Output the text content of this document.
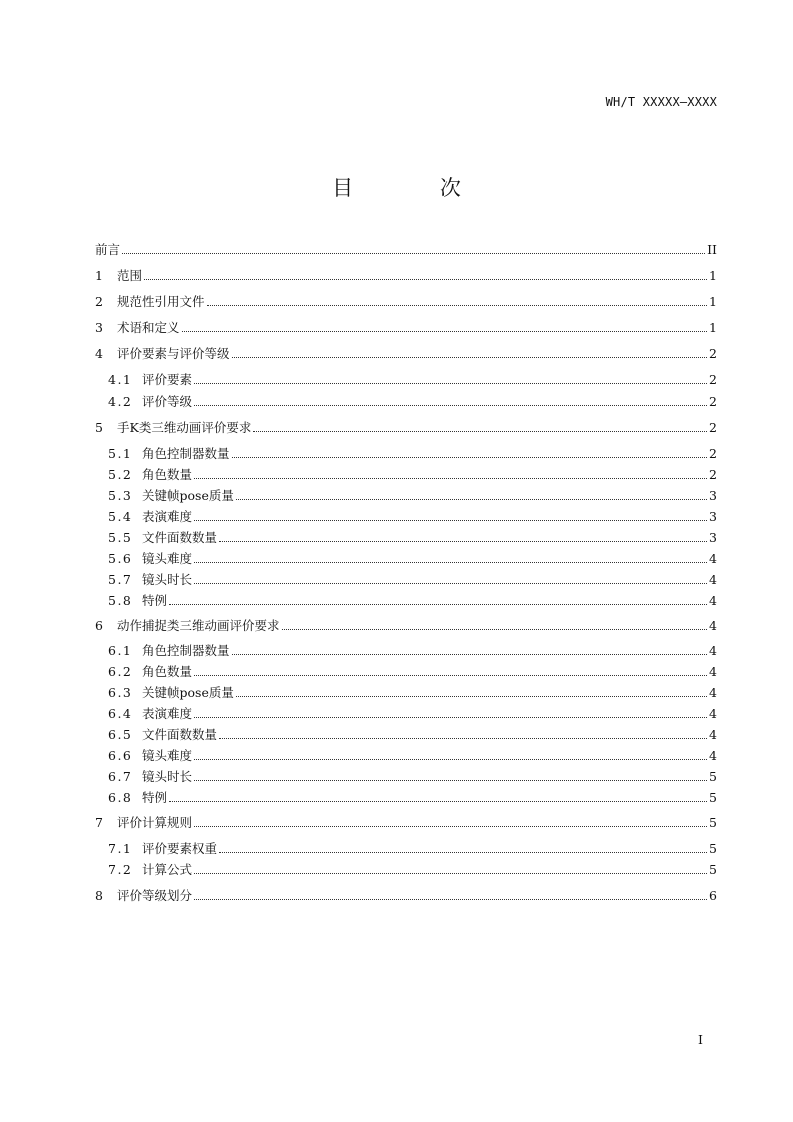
WH/T XXXXX—XXXX
目 次
前言	II
1	范围	1
2	规范性引用文件	1
3	术语和定义	1
4	评价要素与评价等级	2
4.1 评价要素	2
4.2 评价等级	2
5	手K类三维动画评价要求	2
5.1 角色控制器数量	2
5.2 角色数量	2
5.3 关键帧pose质量	3
5.4 表演难度	3
5.5 文件面数数量	3
5.6 镜头难度	4
5.7 镜头时长	4
5.8 特例	4
6	动作捕捉类三维动画评价要求	4
6.1 角色控制器数量	4
6.2 角色数量	4
6.3 关键帧pose质量	4
6.4 表演难度	4
6.5 文件面数数量	4
6.6 镜头难度	4
6.7 镜头时长	5
6.8 特例	5
7	评价计算规则	5
7.1 评价要素权重	5
7.2 计算公式	5
8	评价等级划分	6
I
